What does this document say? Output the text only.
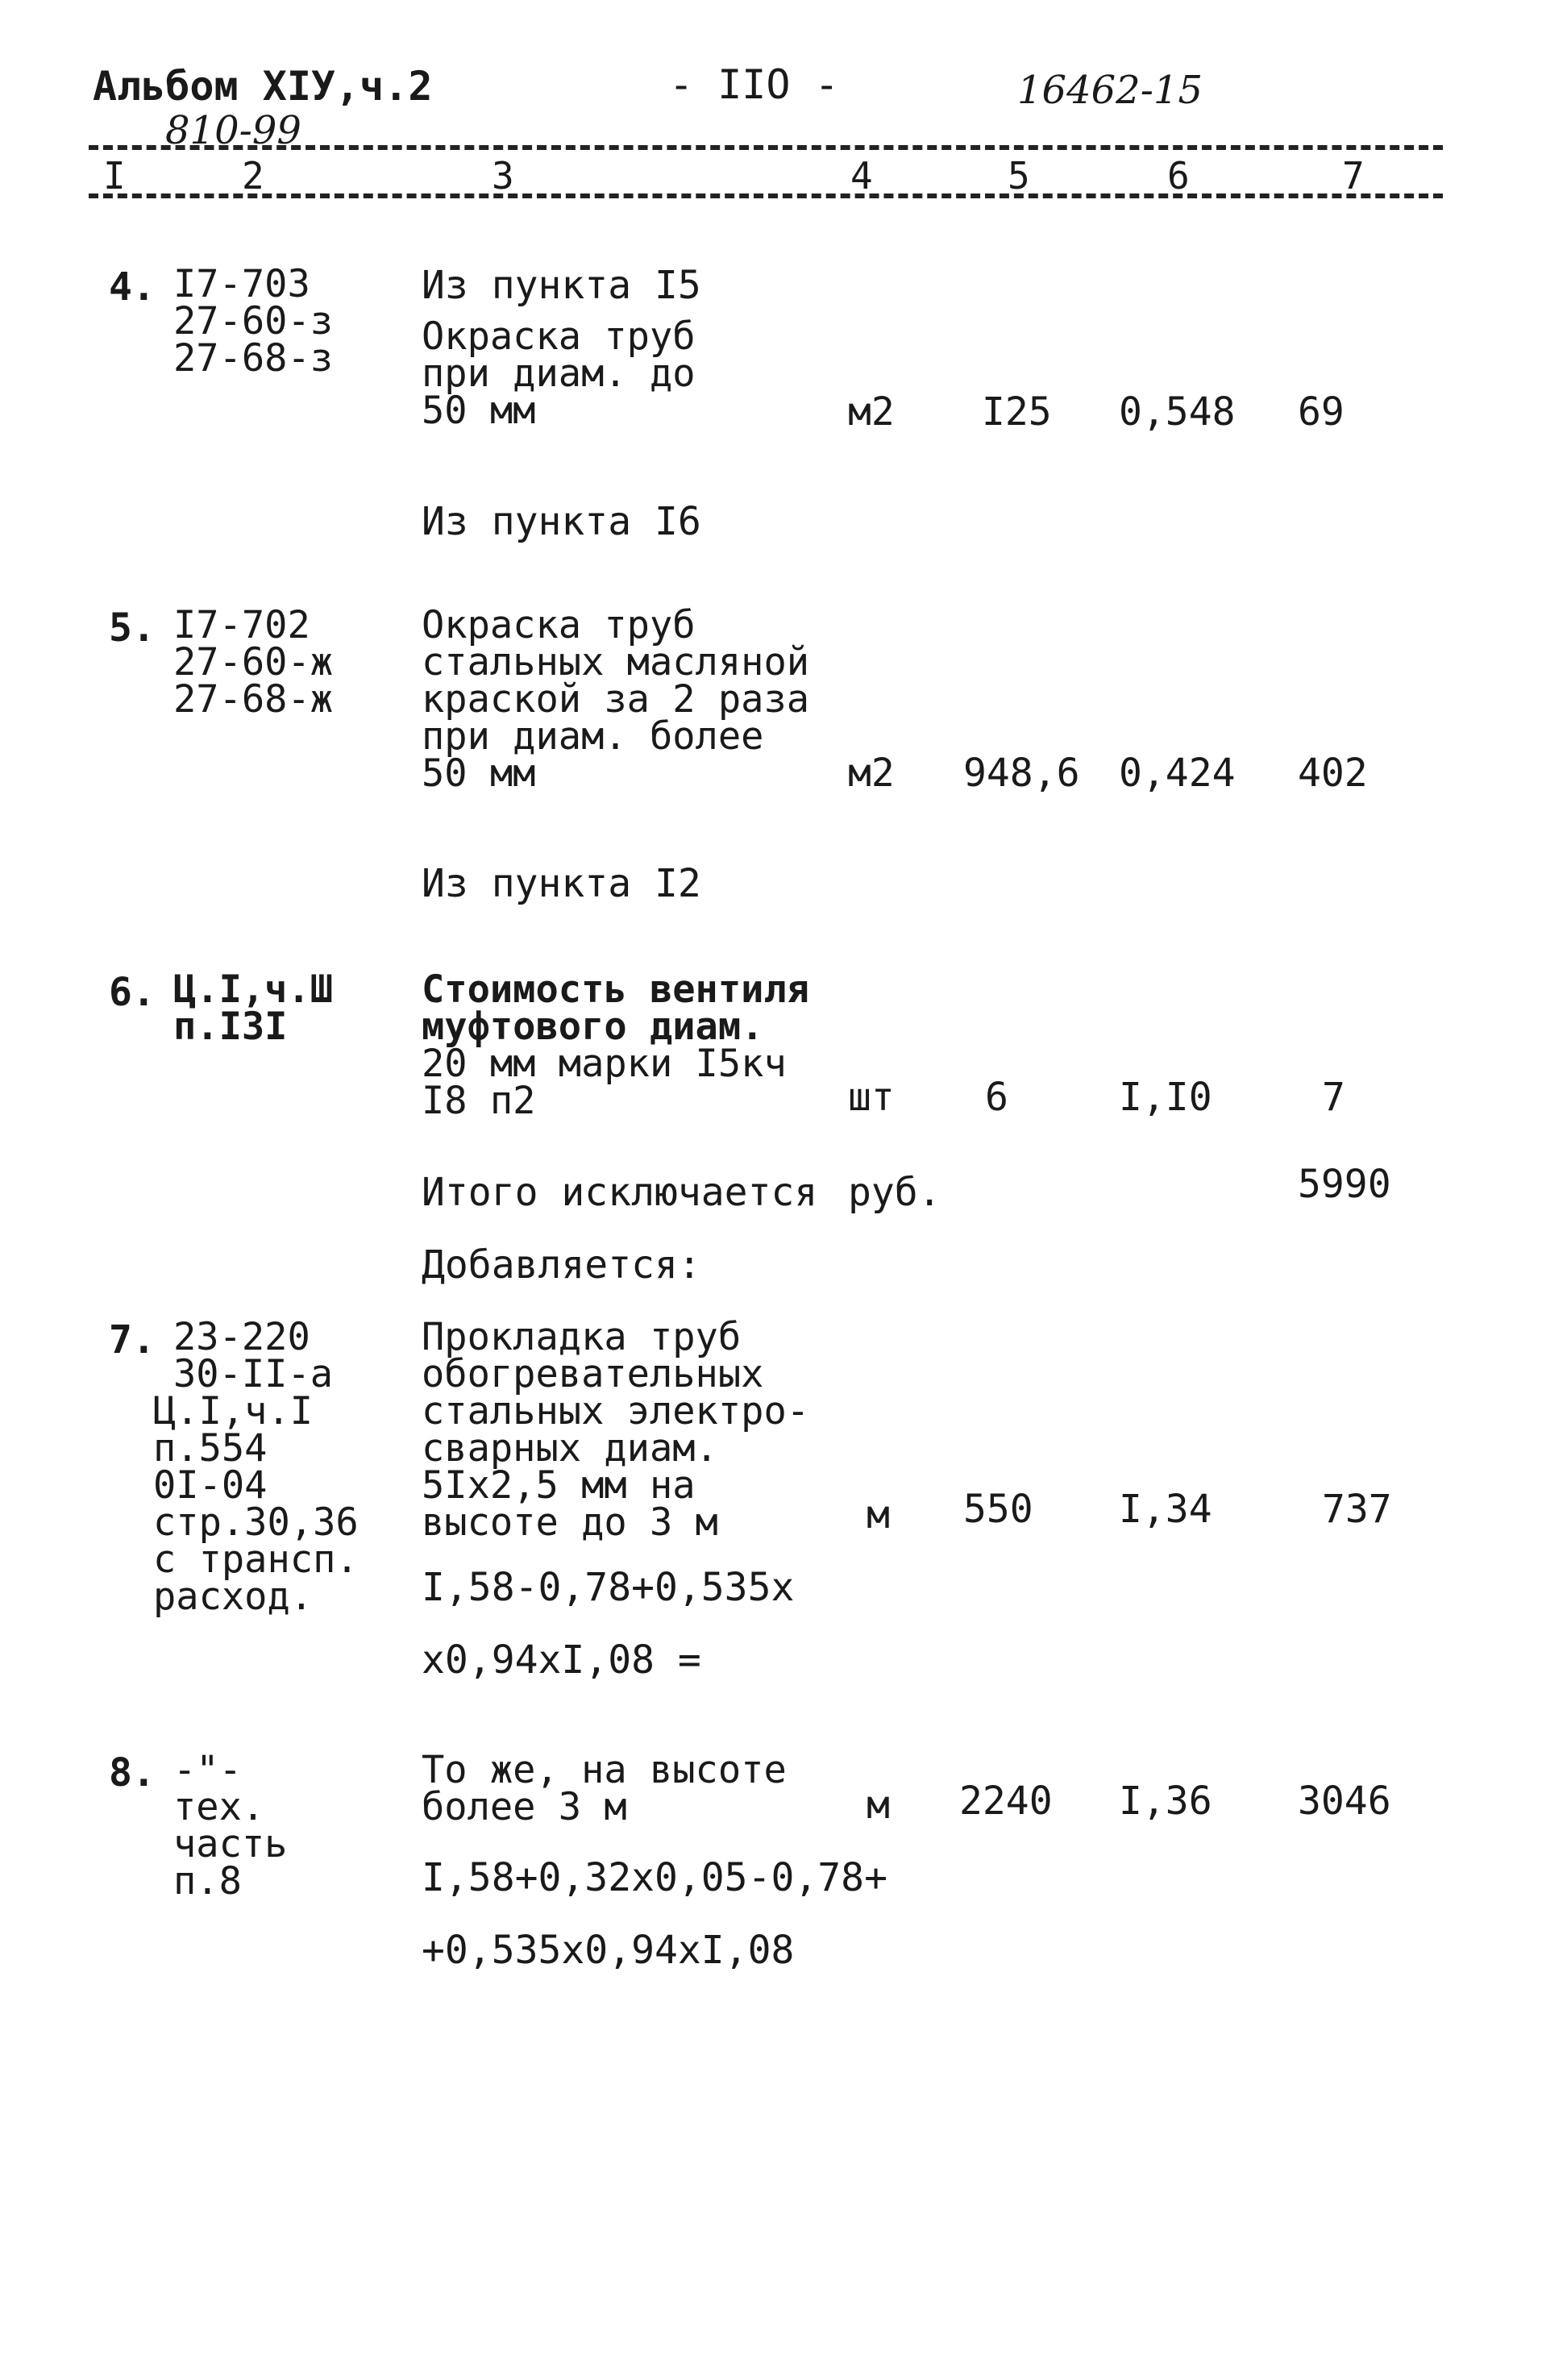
Альбом XIУ,ч.2	- IIO -	16462-15
810-99
I	2	3	4	5	6	7
4. I7-703
27-60-з
27-68-з
Из пункта I5
Окраска труб
при диам. до
50 мм	м2 I25 0,548 69
Из пункта I6
5. I7-702
27-60-ж
27-68-ж
Окраска труб
стальных масляной
краской за 2 раза
при диам. более
50 мм	м2 948,6 0,424 402
Из пункта I2
6. Ц.I,ч.Ш
п.I3I
Стоимость вентиля
муфтового диам.
20 мм марки I5кч
I8 п2	шт 6	I,I0	7
Итого исключается руб.	5990
Добавляется:
7. 23-220
30-II-а
Ц.I,ч.I
п.554
0I-04
стр.30,36
с трансп.
расход.
Прокладка труб
обогревательных
стальных электро-
сварных диам.
5Iх2,5 мм на
высоте до 3 м	м 550 I,34	737
I,58-0,78+0,535х
х0,94хI,08 =
8. -"-
тех.
часть
п.8
То же, на высоте
более 3 м	м 2240 I,36 3046
I,58+0,32х0,05-0,78+
+0,535х0,94хI,08
